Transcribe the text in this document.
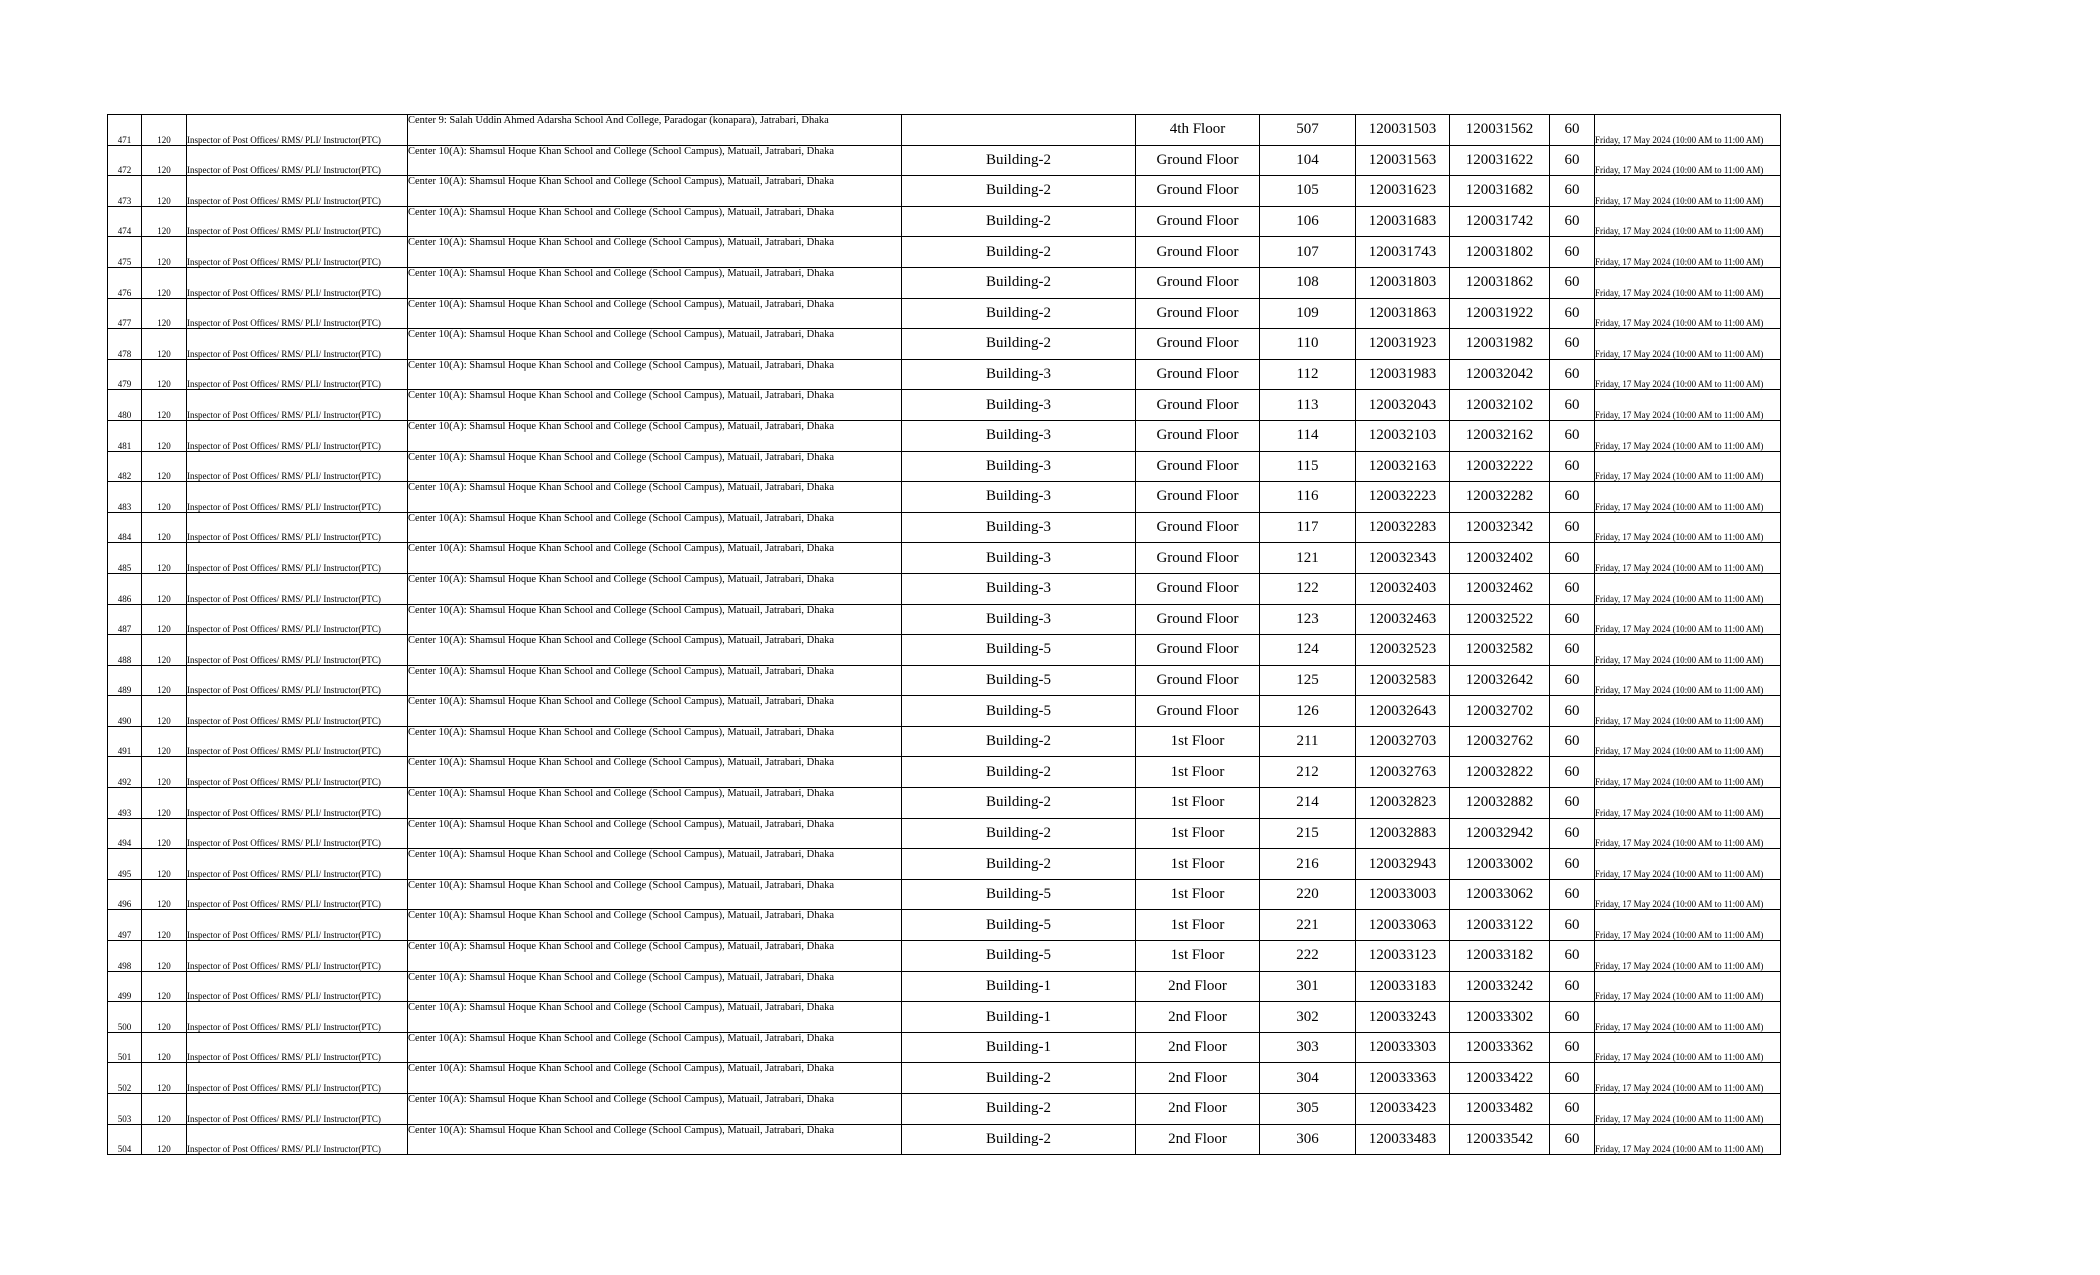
471	120	Inspector of Post Offices/ RMS/ PLI/ Instructor(PTC)	Center 9: Salah Uddin Ahmed Adarsha School And College, Paradogar (konapara), Jatrabari, Dhaka		4th Floor	507	120031503	120031562	60	Friday, 17 May 2024 (10:00 AM to 11:00 AM)
472	120	Inspector of Post Offices/ RMS/ PLI/ Instructor(PTC)	Center 10(A): Shamsul Hoque Khan School and College (School Campus), Matuail, Jatrabari, Dhaka	Building-2	Ground Floor	104	120031563	120031622	60	Friday, 17 May 2024 (10:00 AM to 11:00 AM)
473	120	Inspector of Post Offices/ RMS/ PLI/ Instructor(PTC)	Center 10(A): Shamsul Hoque Khan School and College (School Campus), Matuail, Jatrabari, Dhaka	Building-2	Ground Floor	105	120031623	120031682	60	Friday, 17 May 2024 (10:00 AM to 11:00 AM)
474	120	Inspector of Post Offices/ RMS/ PLI/ Instructor(PTC)	Center 10(A): Shamsul Hoque Khan School and College (School Campus), Matuail, Jatrabari, Dhaka	Building-2	Ground Floor	106	120031683	120031742	60	Friday, 17 May 2024 (10:00 AM to 11:00 AM)
475	120	Inspector of Post Offices/ RMS/ PLI/ Instructor(PTC)	Center 10(A): Shamsul Hoque Khan School and College (School Campus), Matuail, Jatrabari, Dhaka	Building-2	Ground Floor	107	120031743	120031802	60	Friday, 17 May 2024 (10:00 AM to 11:00 AM)
476	120	Inspector of Post Offices/ RMS/ PLI/ Instructor(PTC)	Center 10(A): Shamsul Hoque Khan School and College (School Campus), Matuail, Jatrabari, Dhaka	Building-2	Ground Floor	108	120031803	120031862	60	Friday, 17 May 2024 (10:00 AM to 11:00 AM)
477	120	Inspector of Post Offices/ RMS/ PLI/ Instructor(PTC)	Center 10(A): Shamsul Hoque Khan School and College (School Campus), Matuail, Jatrabari, Dhaka	Building-2	Ground Floor	109	120031863	120031922	60	Friday, 17 May 2024 (10:00 AM to 11:00 AM)
478	120	Inspector of Post Offices/ RMS/ PLI/ Instructor(PTC)	Center 10(A): Shamsul Hoque Khan School and College (School Campus), Matuail, Jatrabari, Dhaka	Building-2	Ground Floor	110	120031923	120031982	60	Friday, 17 May 2024 (10:00 AM to 11:00 AM)
479	120	Inspector of Post Offices/ RMS/ PLI/ Instructor(PTC)	Center 10(A): Shamsul Hoque Khan School and College (School Campus), Matuail, Jatrabari, Dhaka	Building-3	Ground Floor	112	120031983	120032042	60	Friday, 17 May 2024 (10:00 AM to 11:00 AM)
480	120	Inspector of Post Offices/ RMS/ PLI/ Instructor(PTC)	Center 10(A): Shamsul Hoque Khan School and College (School Campus), Matuail, Jatrabari, Dhaka	Building-3	Ground Floor	113	120032043	120032102	60	Friday, 17 May 2024 (10:00 AM to 11:00 AM)
481	120	Inspector of Post Offices/ RMS/ PLI/ Instructor(PTC)	Center 10(A): Shamsul Hoque Khan School and College (School Campus), Matuail, Jatrabari, Dhaka	Building-3	Ground Floor	114	120032103	120032162	60	Friday, 17 May 2024 (10:00 AM to 11:00 AM)
482	120	Inspector of Post Offices/ RMS/ PLI/ Instructor(PTC)	Center 10(A): Shamsul Hoque Khan School and College (School Campus), Matuail, Jatrabari, Dhaka	Building-3	Ground Floor	115	120032163	120032222	60	Friday, 17 May 2024 (10:00 AM to 11:00 AM)
483	120	Inspector of Post Offices/ RMS/ PLI/ Instructor(PTC)	Center 10(A): Shamsul Hoque Khan School and College (School Campus), Matuail, Jatrabari, Dhaka	Building-3	Ground Floor	116	120032223	120032282	60	Friday, 17 May 2024 (10:00 AM to 11:00 AM)
484	120	Inspector of Post Offices/ RMS/ PLI/ Instructor(PTC)	Center 10(A): Shamsul Hoque Khan School and College (School Campus), Matuail, Jatrabari, Dhaka	Building-3	Ground Floor	117	120032283	120032342	60	Friday, 17 May 2024 (10:00 AM to 11:00 AM)
485	120	Inspector of Post Offices/ RMS/ PLI/ Instructor(PTC)	Center 10(A): Shamsul Hoque Khan School and College (School Campus), Matuail, Jatrabari, Dhaka	Building-3	Ground Floor	121	120032343	120032402	60	Friday, 17 May 2024 (10:00 AM to 11:00 AM)
486	120	Inspector of Post Offices/ RMS/ PLI/ Instructor(PTC)	Center 10(A): Shamsul Hoque Khan School and College (School Campus), Matuail, Jatrabari, Dhaka	Building-3	Ground Floor	122	120032403	120032462	60	Friday, 17 May 2024 (10:00 AM to 11:00 AM)
487	120	Inspector of Post Offices/ RMS/ PLI/ Instructor(PTC)	Center 10(A): Shamsul Hoque Khan School and College (School Campus), Matuail, Jatrabari, Dhaka	Building-3	Ground Floor	123	120032463	120032522	60	Friday, 17 May 2024 (10:00 AM to 11:00 AM)
488	120	Inspector of Post Offices/ RMS/ PLI/ Instructor(PTC)	Center 10(A): Shamsul Hoque Khan School and College (School Campus), Matuail, Jatrabari, Dhaka	Building-5	Ground Floor	124	120032523	120032582	60	Friday, 17 May 2024 (10:00 AM to 11:00 AM)
489	120	Inspector of Post Offices/ RMS/ PLI/ Instructor(PTC)	Center 10(A): Shamsul Hoque Khan School and College (School Campus), Matuail, Jatrabari, Dhaka	Building-5	Ground Floor	125	120032583	120032642	60	Friday, 17 May 2024 (10:00 AM to 11:00 AM)
490	120	Inspector of Post Offices/ RMS/ PLI/ Instructor(PTC)	Center 10(A): Shamsul Hoque Khan School and College (School Campus), Matuail, Jatrabari, Dhaka	Building-5	Ground Floor	126	120032643	120032702	60	Friday, 17 May 2024 (10:00 AM to 11:00 AM)
491	120	Inspector of Post Offices/ RMS/ PLI/ Instructor(PTC)	Center 10(A): Shamsul Hoque Khan School and College (School Campus), Matuail, Jatrabari, Dhaka	Building-2	1st Floor	211	120032703	120032762	60	Friday, 17 May 2024 (10:00 AM to 11:00 AM)
492	120	Inspector of Post Offices/ RMS/ PLI/ Instructor(PTC)	Center 10(A): Shamsul Hoque Khan School and College (School Campus), Matuail, Jatrabari, Dhaka	Building-2	1st Floor	212	120032763	120032822	60	Friday, 17 May 2024 (10:00 AM to 11:00 AM)
493	120	Inspector of Post Offices/ RMS/ PLI/ Instructor(PTC)	Center 10(A): Shamsul Hoque Khan School and College (School Campus), Matuail, Jatrabari, Dhaka	Building-2	1st Floor	214	120032823	120032882	60	Friday, 17 May 2024 (10:00 AM to 11:00 AM)
494	120	Inspector of Post Offices/ RMS/ PLI/ Instructor(PTC)	Center 10(A): Shamsul Hoque Khan School and College (School Campus), Matuail, Jatrabari, Dhaka	Building-2	1st Floor	215	120032883	120032942	60	Friday, 17 May 2024 (10:00 AM to 11:00 AM)
495	120	Inspector of Post Offices/ RMS/ PLI/ Instructor(PTC)	Center 10(A): Shamsul Hoque Khan School and College (School Campus), Matuail, Jatrabari, Dhaka	Building-2	1st Floor	216	120032943	120033002	60	Friday, 17 May 2024 (10:00 AM to 11:00 AM)
496	120	Inspector of Post Offices/ RMS/ PLI/ Instructor(PTC)	Center 10(A): Shamsul Hoque Khan School and College (School Campus), Matuail, Jatrabari, Dhaka	Building-5	1st Floor	220	120033003	120033062	60	Friday, 17 May 2024 (10:00 AM to 11:00 AM)
497	120	Inspector of Post Offices/ RMS/ PLI/ Instructor(PTC)	Center 10(A): Shamsul Hoque Khan School and College (School Campus), Matuail, Jatrabari, Dhaka	Building-5	1st Floor	221	120033063	120033122	60	Friday, 17 May 2024 (10:00 AM to 11:00 AM)
498	120	Inspector of Post Offices/ RMS/ PLI/ Instructor(PTC)	Center 10(A): Shamsul Hoque Khan School and College (School Campus), Matuail, Jatrabari, Dhaka	Building-5	1st Floor	222	120033123	120033182	60	Friday, 17 May 2024 (10:00 AM to 11:00 AM)
499	120	Inspector of Post Offices/ RMS/ PLI/ Instructor(PTC)	Center 10(A): Shamsul Hoque Khan School and College (School Campus), Matuail, Jatrabari, Dhaka	Building-1	2nd Floor	301	120033183	120033242	60	Friday, 17 May 2024 (10:00 AM to 11:00 AM)
500	120	Inspector of Post Offices/ RMS/ PLI/ Instructor(PTC)	Center 10(A): Shamsul Hoque Khan School and College (School Campus), Matuail, Jatrabari, Dhaka	Building-1	2nd Floor	302	120033243	120033302	60	Friday, 17 May 2024 (10:00 AM to 11:00 AM)
501	120	Inspector of Post Offices/ RMS/ PLI/ Instructor(PTC)	Center 10(A): Shamsul Hoque Khan School and College (School Campus), Matuail, Jatrabari, Dhaka	Building-1	2nd Floor	303	120033303	120033362	60	Friday, 17 May 2024 (10:00 AM to 11:00 AM)
502	120	Inspector of Post Offices/ RMS/ PLI/ Instructor(PTC)	Center 10(A): Shamsul Hoque Khan School and College (School Campus), Matuail, Jatrabari, Dhaka	Building-2	2nd Floor	304	120033363	120033422	60	Friday, 17 May 2024 (10:00 AM to 11:00 AM)
503	120	Inspector of Post Offices/ RMS/ PLI/ Instructor(PTC)	Center 10(A): Shamsul Hoque Khan School and College (School Campus), Matuail, Jatrabari, Dhaka	Building-2	2nd Floor	305	120033423	120033482	60	Friday, 17 May 2024 (10:00 AM to 11:00 AM)
504	120	Inspector of Post Offices/ RMS/ PLI/ Instructor(PTC)	Center 10(A): Shamsul Hoque Khan School and College (School Campus), Matuail, Jatrabari, Dhaka	Building-2	2nd Floor	306	120033483	120033542	60	Friday, 17 May 2024 (10:00 AM to 11:00 AM)
